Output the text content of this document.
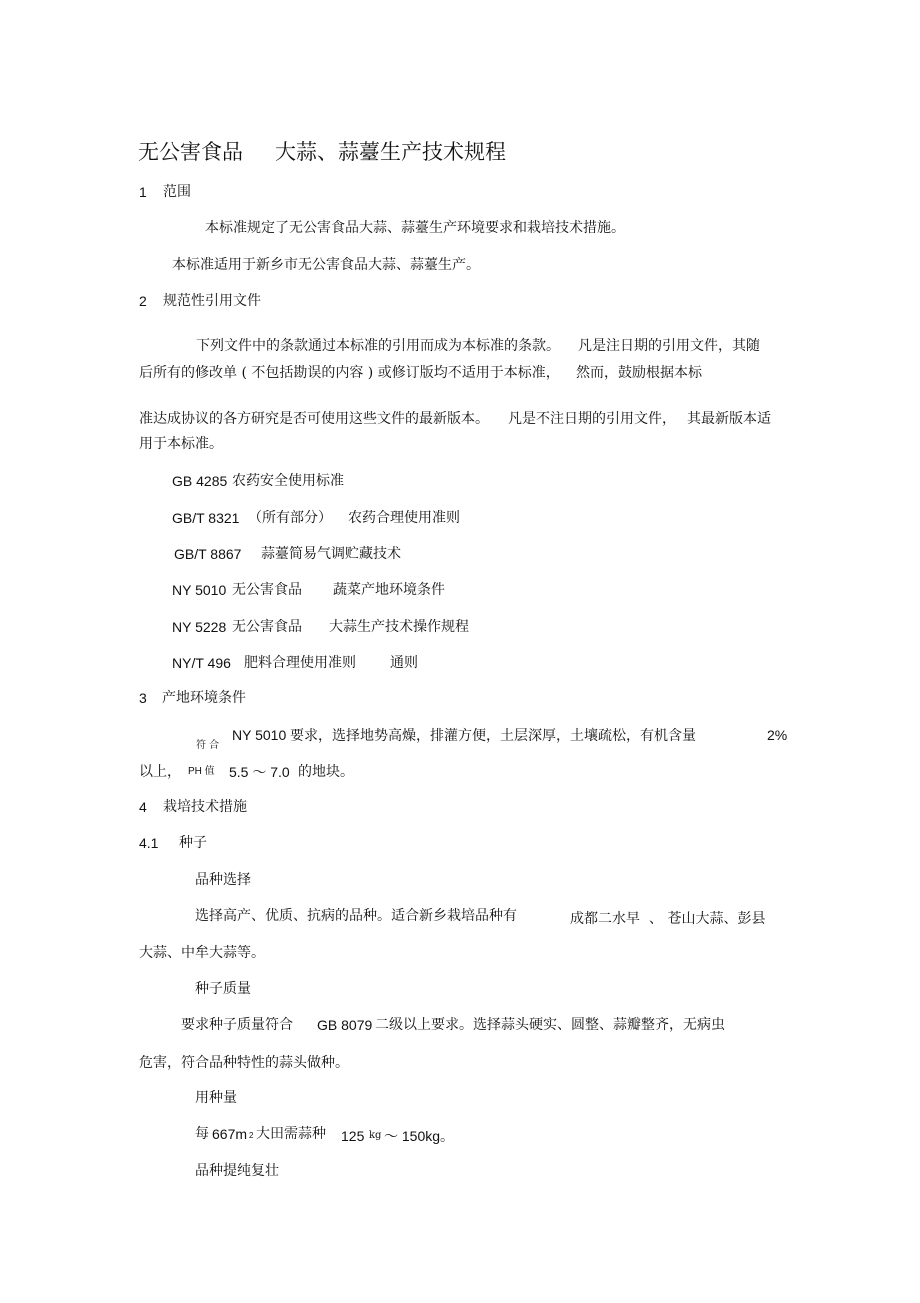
无公害食品 大蒜、蒜薹生产技术规程
1 范围
本标准规定了无公害食品大蒜、蒜薹生产环境要求和栽培技术措施。
本标准适用于新乡市无公害食品大蒜、蒜薹生产。
2 规范性引用文件
下列文件中的条款通过本标准的引用而成为本标准的条款。 凡是注日期的引用文件，其随
后所有的修改单 ( 不包括勘误的内容 ) 或修订版均不适用于本标准， 然而，鼓励根据本标
准达成协议的各方研究是否可使用这些文件的最新版本。 凡是不注日期的引用文件， 其最新版本适
用于本标准。
GB 4285 农药安全使用标准
GB/T 8321 （所有部分） 农药合理使用准则
GB/T 8867 蒜薹简易气调贮藏技术
NY 5010 无公害食品 蔬菜产地环境条件
NY 5228 无公害食品 大蒜生产技术操作规程
NY/T 496 肥料合理使用准则 通则
3 产地环境条件
符 合
NY 5010 要求，选择地势高燥，排灌方便，土层深厚，土壤疏松，有机含量	2%
以上， PH 值 5.5 ～ 7.0 的地块。
4 栽培技术措施
4.1 种子
品种选择
选择高产、优质、抗病的品种。适合新乡栽培品种有	成都二水早 、 苍山大蒜、彭县
大蒜、中牟大蒜等。
种子质量
要求种子质量符合 GB 8079 二级以上要求。选择蒜头硬实、圆整、蒜瓣整齐，无病虫
危害，符合品种特性的蒜头做种。
用种量
每 667m 2 大田需蒜种 125 kg ～ 150kg。
品种提纯复壮
